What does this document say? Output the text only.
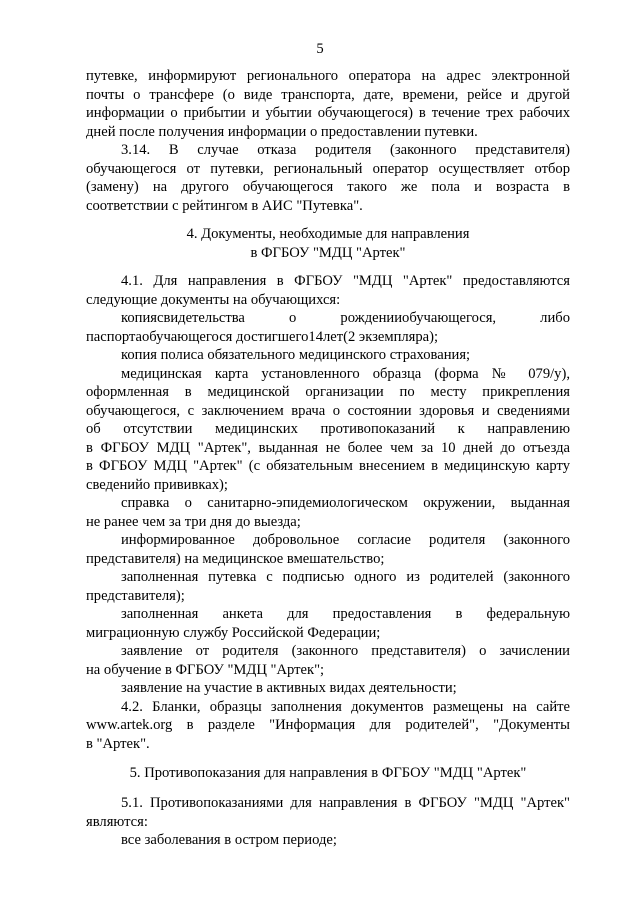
5
путевке, информируют регионального оператора на адрес электронной
почты о трансфере (о виде транспорта, дате, времени, рейсе и другой
информации о прибытии и убытии обучающегося) в течение трех рабочих
дней после получения информации о предоставлении путевки.
3.14. В случае отказа родителя (законного представителя)
обучающегося от путевки, региональный оператор осуществляет отбор
(замену) на другого обучающегося такого же пола и возраста в
соответствии с рейтингом в АИС "Путевка".
4. Документы, необходимые для направления
в ФГБОУ "МДЦ "Артек"
4.1. Для направления в ФГБОУ "МДЦ "Артек" предоставляются
следующие документы на обучающихся:
копиясвидетельства о рожденииобучающегося, либо
паспортаобучающегося достигшего14лет(2 экземпляра);
копия полиса обязательного медицинского страхования;
медицинская карта установленного образца (форма № 079/у),
оформленная в медицинской организации по месту прикрепления
обучающегося, с заключением врача о состоянии здоровья и сведениями
об отсутствии медицинских противопоказаний к направлению
в ФГБОУ МДЦ "Артек", выданная не более чем за 10 дней до отъезда
в ФГБОУ МДЦ "Артек" (с обязательным внесением в медицинскую карту
сведенийо прививках);
справка о санитарно-эпидемиологическом окружении, выданная
не ранее чем за три дня до выезда;
информированное добровольное согласие родителя (законного
представителя) на медицинское вмешательство;
заполненная путевка с подписью одного из родителей (законного
представителя);
заполненная анкета для предоставления в федеральную
миграционную службу Российской Федерации;
заявление от родителя (законного представителя) о зачислении
на обучение в ФГБОУ "МДЦ "Артек";
заявление на участие в активных видах деятельности;
4.2. Бланки, образцы заполнения документов размещены на сайте
www.artek.org в разделе "Информация для родителей", "Документы
в "Артек".
5. Противопоказания для направления в ФГБОУ "МДЦ "Артек"
5.1. Противопоказаниями для направления в ФГБОУ "МДЦ "Артек"
являются:
все заболевания в остром периоде;
